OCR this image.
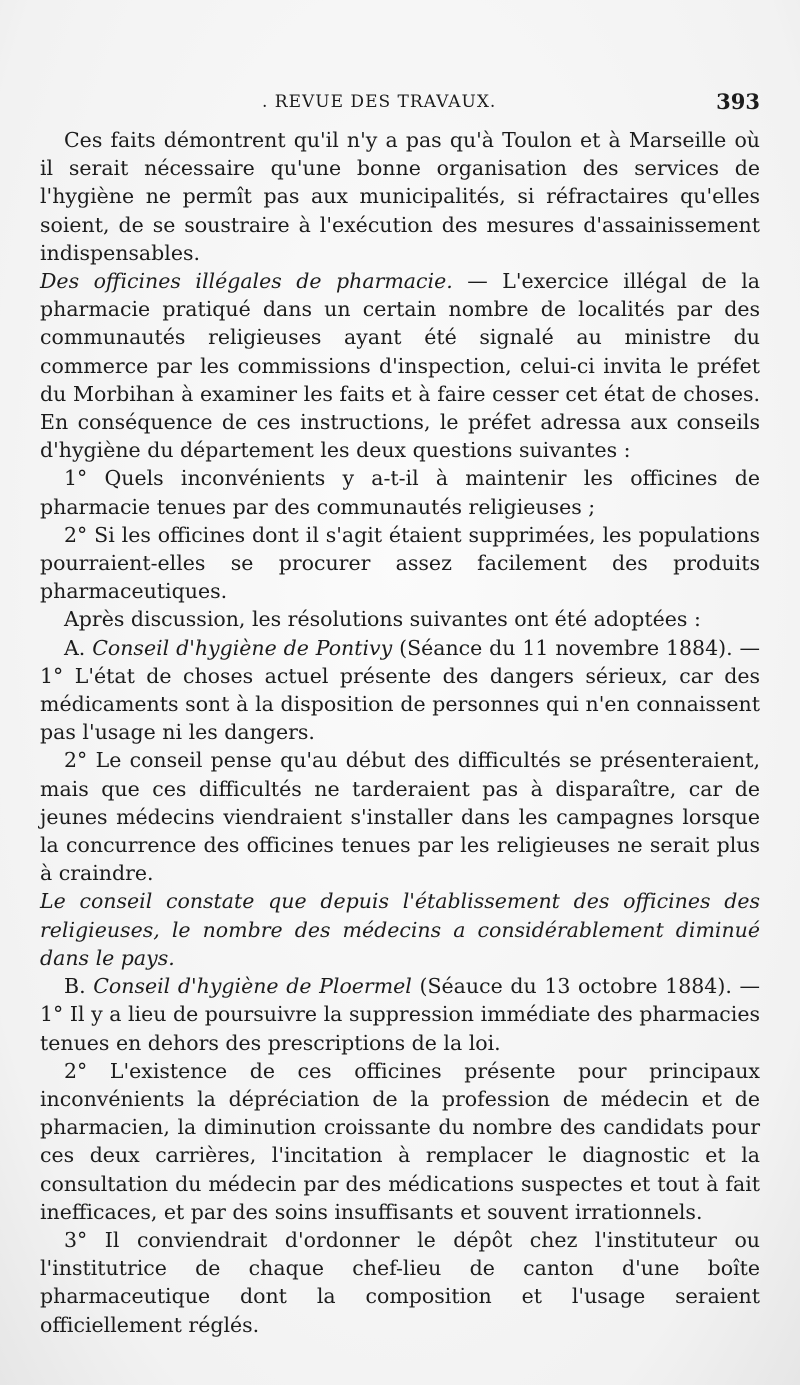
. REVUE DES TRAVAUX.	393

Ces faits démontrent qu'il n'y a pas qu'à Toulon et à Marseille où il serait nécessaire qu'une bonne organisation des services de l'hygiène ne permît pas aux municipalités, si réfractaires qu'elles soient, de se soustraire à l'exécution des mesures d'assainissement indispensables.

Des officines illégales de pharmacie. — L'exercice illégal de la pharmacie pratiqué dans un certain nombre de localités par des communautés religieuses ayant été signalé au ministre du commerce par les commissions d'inspection, celui-ci invita le préfet du Morbihan à examiner les faits et à faire cesser cet état de choses. En conséquence de ces instructions, le préfet adressa aux conseils d'hygiène du département les deux questions suivantes :

1° Quels inconvénients y a-t-il à maintenir les officines de pharmacie tenues par des communautés religieuses ;

2° Si les officines dont il s'agit étaient supprimées, les populations pourraient-elles se procurer assez facilement des produits pharmaceutiques.

Après discussion, les résolutions suivantes ont été adoptées :

A. Conseil d'hygiène de Pontivy (Séance du 11 novembre 1884). — 1° L'état de choses actuel présente des dangers sérieux, car des médicaments sont à la disposition de personnes qui n'en connaissent pas l'usage ni les dangers.

2° Le conseil pense qu'au début des difficultés se présenteraient, mais que ces difficultés ne tarderaient pas à disparaître, car de jeunes médecins viendraient s'installer dans les campagnes lorsque la concurrence des officines tenues par les religieuses ne serait plus à craindre.

Le conseil constate que depuis l'établissement des officines des religieuses, le nombre des médecins a considérablement diminué dans le pays.

B. Conseil d'hygiène de Ploermel (Séauce du 13 octobre 1884). — 1° Il y a lieu de poursuivre la suppression immédiate des pharmacies tenues en dehors des prescriptions de la loi.

2° L'existence de ces officines présente pour principaux inconvénients la dépréciation de la profession de médecin et de pharmacien, la diminution croissante du nombre des candidats pour ces deux carrières, l'incitation à remplacer le diagnostic et la consultation du médecin par des médications suspectes et tout à fait inefficaces, et par des soins insuffisants et souvent irrationnels.

3° Il conviendrait d'ordonner le dépôt chez l'instituteur ou l'institutrice de chaque chef-lieu de canton d'une boîte pharmaceutique dont la composition et l'usage seraient officiellement réglés.
